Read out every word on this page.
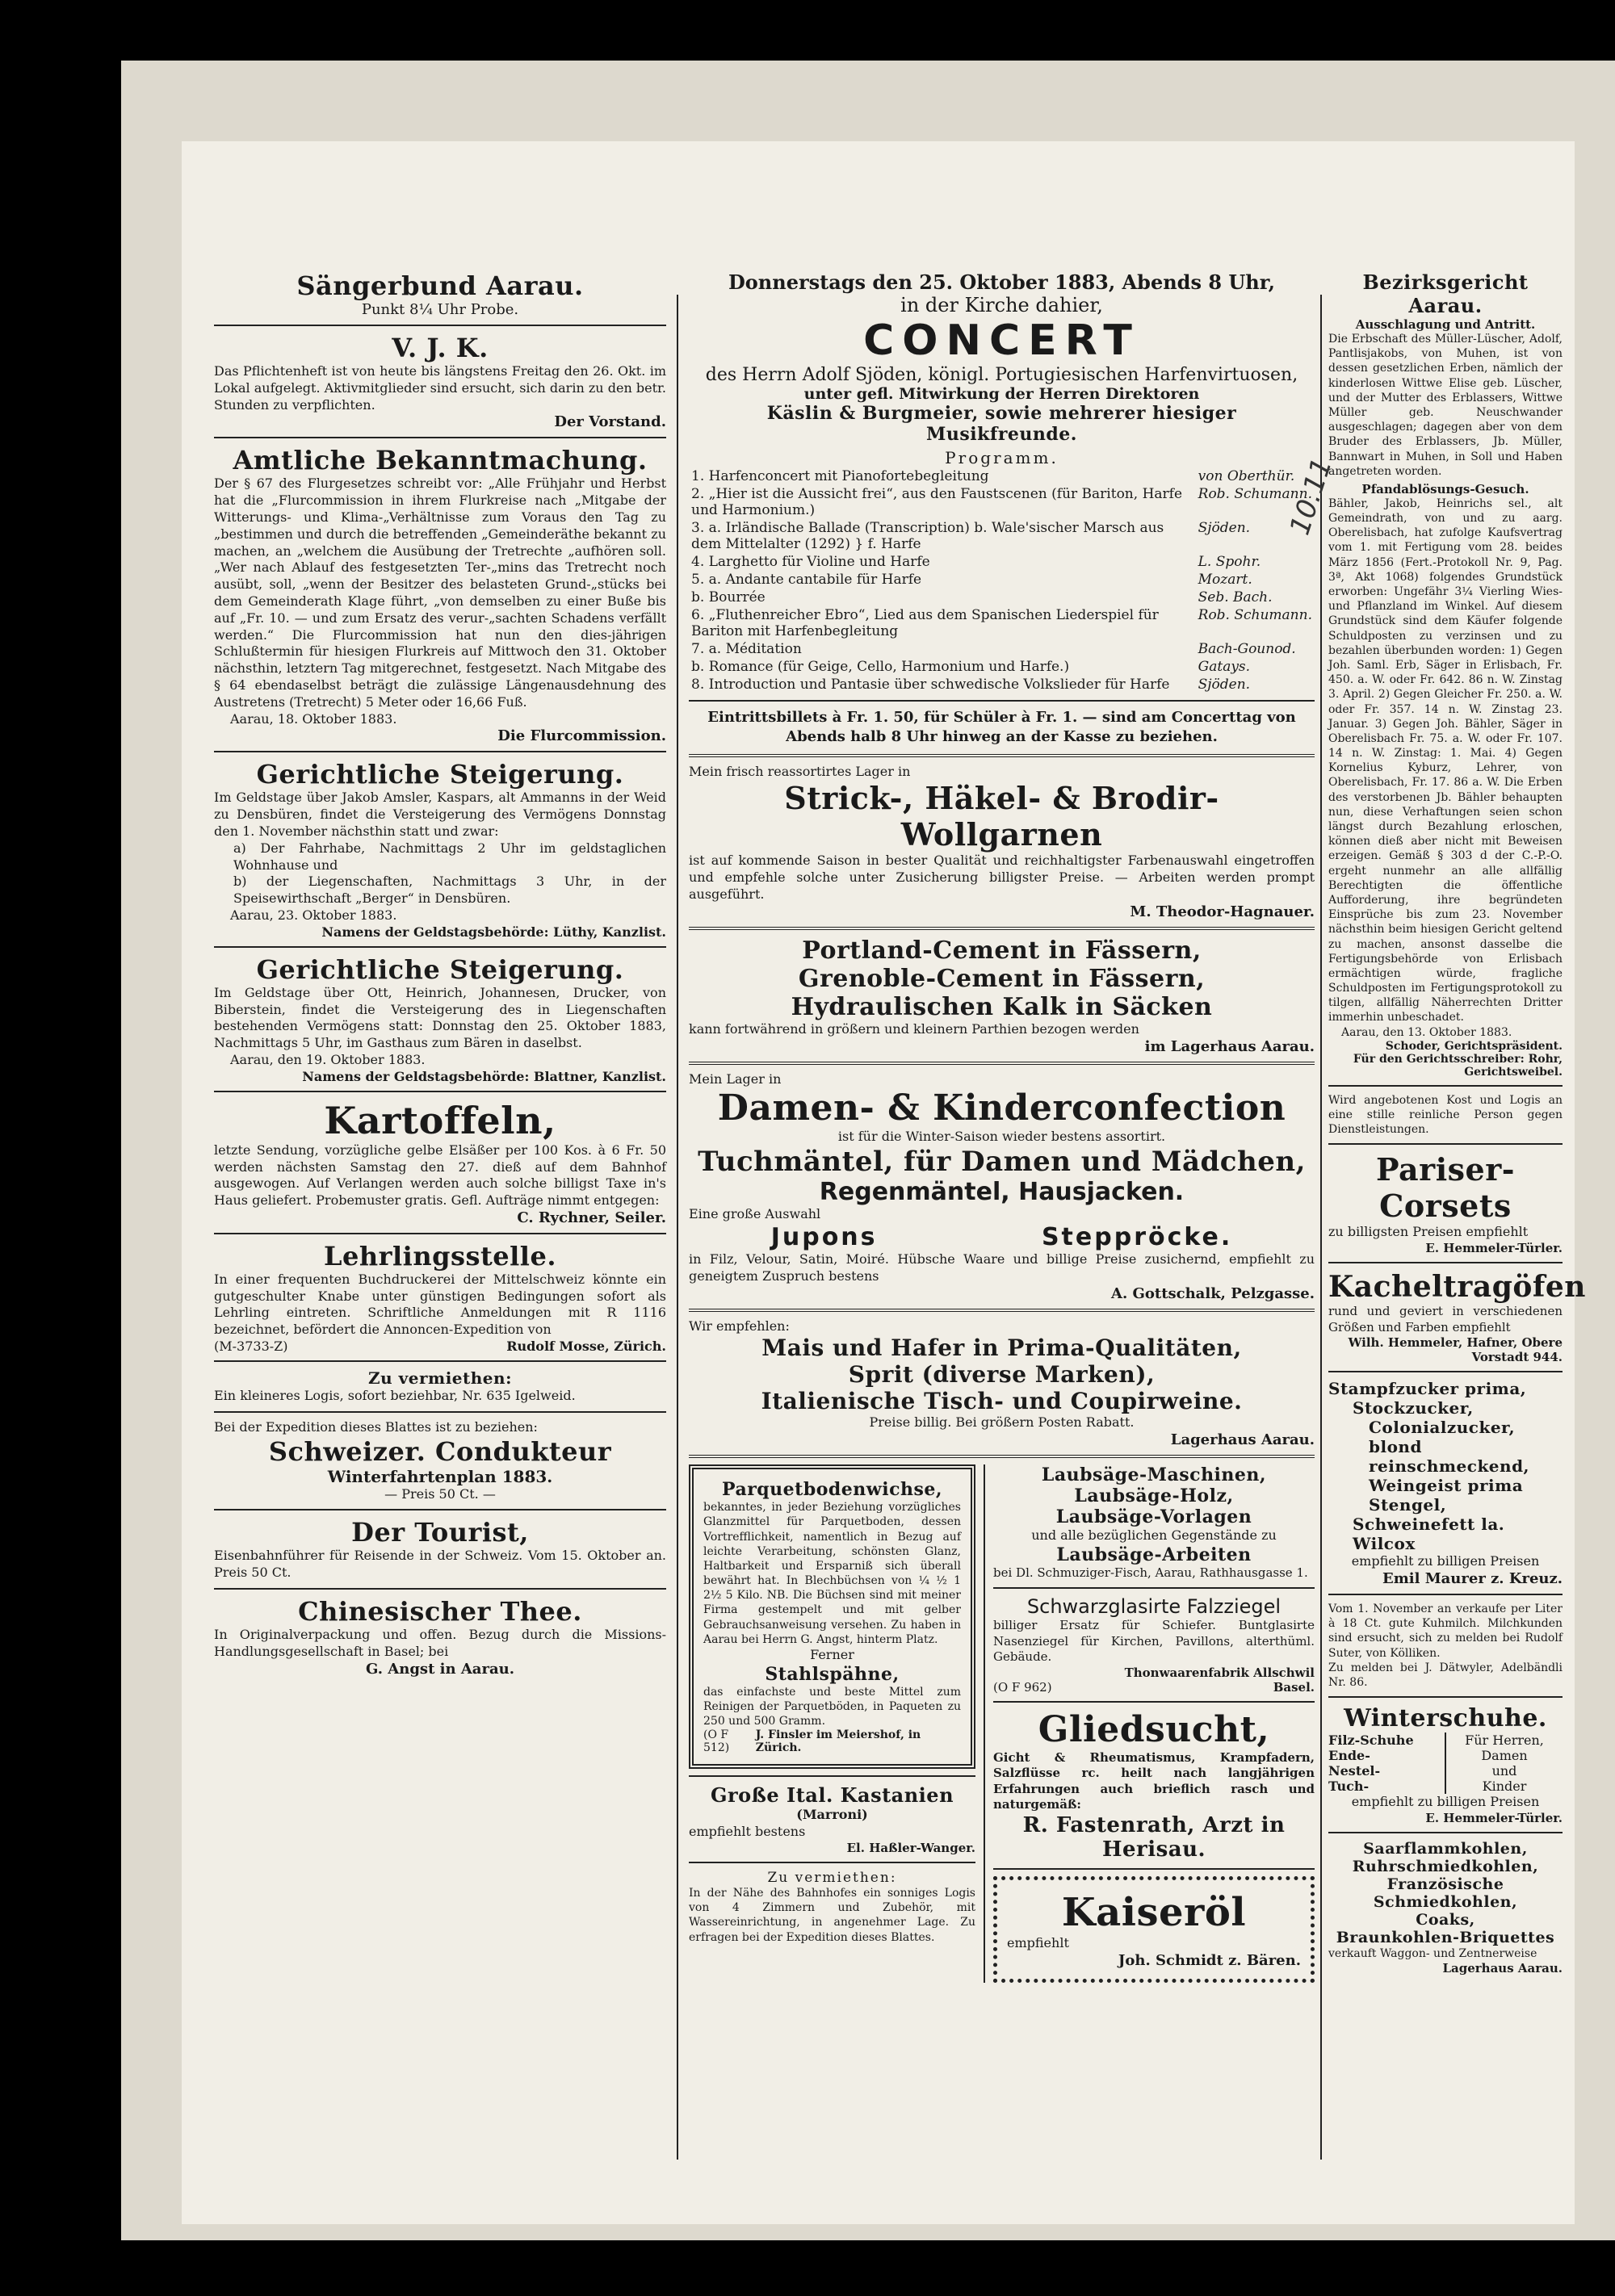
10.11
Sängerbund Aarau.
Punkt 8¼ Uhr Probe.
V. J. K.

Das Pflichtenheft ist von heute bis längstens Freitag den 26. Okt. im Lokal aufgelegt. Aktivmitglieder sind ersucht, sich darin zu den betr. Stunden zu verpflichten.

Der Vorstand.
Amtliche Bekanntmachung.

Der § 67 des Flurgesetzes schreibt vor: „Alle Frühjahr und Herbst hat die „Flurcommission in ihrem Flurkreise nach „Mitgabe der Witterungs- und Klima-„Verhältnisse zum Voraus den Tag zu „bestimmen und durch die betreffenden „Gemeinderäthe bekannt zu machen, an „welchem die Ausübung der Tretrechte „aufhören soll. „Wer nach Ablauf des festgesetzten Ter-„mins das Tretrecht noch ausübt, soll, „wenn der Besitzer des belasteten Grund-„stücks bei dem Gemeinderath Klage führt, „von demselben zu einer Buße bis auf „Fr. 10. — und zum Ersatz des verur-„sachten Schadens verfällt werden.“ Die Flurcommission hat nun den dies-jährigen Schlußtermin für hiesigen Flurkreis auf Mittwoch den 31. Oktober nächsthin, letztern Tag mitgerechnet, festgesetzt. Nach Mitgabe des § 64 ebendaselbst beträgt die zulässige Längenausdehnung des Austretens (Tretrecht) 5 Meter oder 16,66 Fuß.

Aarau, 18. Oktober 1883.

Die Flurcommission.
Gerichtliche Steigerung.

Im Geldstage über Jakob Amsler, Kaspars, alt Ammanns in der Weid zu Densbüren, findet die Versteigerung des Vermögens Donnstag den 1. November nächsthin statt und zwar:

a) Der Fahrhabe, Nachmittags 2 Uhr im geldstaglichen Wohnhause und

b) der Liegenschaften, Nachmittags 3 Uhr, in der Speisewirthschaft „Berger“ in Densbüren.

Aarau, 23. Oktober 1883.

Namens der Geldstagsbehörde: Lüthy, Kanzlist.
Gerichtliche Steigerung.

Im Geldstage über Ott, Heinrich, Johannesen, Drucker, von Biberstein, findet die Versteigerung des in Liegenschaften bestehenden Vermögens statt: Donnstag den 25. Oktober 1883, Nachmittags 5 Uhr, im Gasthaus zum Bären in daselbst.

Aarau, den 19. Oktober 1883.

Namens der Geldstagsbehörde: Blattner, Kanzlist.
Kartoffeln,

letzte Sendung, vorzügliche gelbe Elsäßer per 100 Kos. à 6 Fr. 50 werden nächsten Samstag den 27. dieß auf dem Bahnhof ausgewogen. Auf Verlangen werden auch solche billigst Taxe in's Haus geliefert. Probemuster gratis. Gefl. Aufträge nimmt entgegen:

C. Rychner, Seiler.
Lehrlingsstelle.

In einer frequenten Buchdruckerei der Mittelschweiz könnte ein gutgeschulter Knabe unter günstigen Bedingungen sofort als Lehrling eintreten. Schriftliche Anmeldungen mit R 1116 bezeichnet, befördert die Annoncen-Expedition von

(M-3733-Z)	Rudolf Mosse, Zürich.
Zu vermiethen:

Ein kleineres Logis, sofort beziehbar, Nr. 635 Igelweid.

Bei der Expedition dieses Blattes ist zu beziehen:

Schweizer. Condukteur
Winterfahrtenplan 1883.
— Preis 50 Ct. —
Der Tourist,

Eisenbahnführer für Reisende in der Schweiz. Vom 15. Oktober an. Preis 50 Ct.

Chinesischer Thee.

In Originalverpackung und offen. Bezug durch die Missions-Handlungsgesellschaft in Basel; bei

G. Angst in Aarau.
Donnerstags den 25. Oktober 1883, Abends 8 Uhr,
in der Kirche dahier,
CONCERT
des Herrn Adolf Sjöden, königl. Portugiesischen Harfenvirtuosen,
unter gefl. Mitwirkung der Herren Direktoren
Käslin & Burgmeier, sowie mehrerer hiesiger Musikfreunde.
Programm.
1. Harfenconcert mit Pianofortebegleitung	von Oberthür.
2. „Hier ist die Aussicht frei“, aus den Faustscenen (für Bariton, Harfe und Harmonium.)	Rob. Schumann.
3. a. Irländische Ballade (Transcription) b. Wale'sischer Marsch aus dem Mittelalter (1292) } f. Harfe	Sjöden.
4. Larghetto für Violine und Harfe	L. Spohr.
5. a. Andante cantabile für Harfe	Mozart.
b. Bourrée	Seb. Bach.
6. „Fluthenreicher Ebro“, Lied aus dem Spanischen Liederspiel für Bariton mit Harfenbegleitung	Rob. Schumann.
7. a. Méditation	Bach-Gounod.
b. Romance (für Geige, Cello, Harmonium und Harfe.)	Gatays.
8. Introduction und Pantasie über schwedische Volkslieder für Harfe	Sjöden.

Eintrittsbillets à Fr. 1. 50, für Schüler à Fr. 1. — sind am Concerttag von Abends halb 8 Uhr hinweg an der Kasse zu beziehen.

Mein frisch reassortirtes Lager in

Strick-, Häkel- & Brodir-Wollgarnen

ist auf kommende Saison in bester Qualität und reichhaltigster Farbenauswahl eingetroffen und empfehle solche unter Zusicherung billigster Preise. — Arbeiten werden prompt ausgeführt.

M. Theodor-Hagnauer.
Portland-Cement in Fässern,
Grenoble-Cement in Fässern,
Hydraulischen Kalk in Säcken

kann fortwährend in größern und kleinern Parthien bezogen werden

im Lagerhaus Aarau.

Mein Lager in

Damen- & Kinderconfection
ist für die Winter-Saison wieder bestens assortirt.
Tuchmäntel, für Damen und Mädchen,
Regenmäntel, Hausjacken.

Eine große Auswahl

Jupons	Steppröcke.

in Filz, Velour, Satin, Moiré. Hübsche Waare und billige Preise zusichernd, empfiehlt zu geneigtem Zuspruch bestens

A. Gottschalk, Pelzgasse.

Wir empfehlen:

Mais und Hafer in Prima-Qualitäten,
Sprit (diverse Marken),
Italienische Tisch- und Coupirweine.

Preise billig. Bei größern Posten Rabatt.

Lagerhaus Aarau.
Parquetbodenwichse,

bekanntes, in jeder Beziehung vorzügliches Glanzmittel für Parquetboden, dessen Vortrefflichkeit, namentlich in Bezug auf leichte Verarbeitung, schönsten Glanz, Haltbarkeit und Ersparniß sich überall bewährt hat. In Blechbüchsen von ¼ ½ 1 2½ 5 Kilo. NB. Die Büchsen sind mit meiner Firma gestempelt und mit gelber Gebrauchsanweisung versehen. Zu haben in Aarau bei Herrn G. Angst, hinterm Platz.

Ferner
Stahlspähne,

das einfachste und beste Mittel zum Reinigen der Parquetböden, in Paqueten zu 250 und 500 Gramm.

(O F 512)
J. Finsler im Meiershof, in Zürich.
Große Ital. Kastanien
(Marroni)

empfiehlt bestens

El. Haßler-Wanger.
Zu vermiethen:

In der Nähe des Bahnhofes ein sonniges Logis von 4 Zimmern und Zubehör, mit Wassereinrichtung, in angenehmer Lage. Zu erfragen bei der Expedition dieses Blattes.

Laubsäge-Maschinen,
Laubsäge-Holz,
Laubsäge-Vorlagen
und alle bezüglichen Gegenstände zu
Laubsäge-Arbeiten

bei Dl. Schmuziger-Fisch, Aarau, Rathhausgasse 1.

Schwarzglasirte Falzziegel

billiger Ersatz für Schiefer. Buntglasirte Nasenziegel für Kirchen, Pavillons, alterthüml. Gebäude.

Thonwaarenfabrik Allschwil
(O F 962)	Basel.
Gliedsucht,

Gicht & Rheumatismus, Krampfadern, Salzflüsse rc. heilt nach langjährigen Erfahrungen auch brieflich rasch und naturgemäß:

R. Fastenrath, Arzt in Herisau.
Kaiseröl

empfiehlt

Joh. Schmidt z. Bären.
Bezirksgericht Aarau.
Ausschlagung und Antritt.

Die Erbschaft des Müller-Lüscher, Adolf, Pantlisjakobs, von Muhen, ist von dessen gesetzlichen Erben, nämlich der kinderlosen Wittwe Elise geb. Lüscher, und der Mutter des Erblassers, Wittwe Müller geb. Neuschwander ausgeschlagen; dagegen aber von dem Bruder des Erblassers, Jb. Müller, Bannwart in Muhen, in Soll und Haben angetreten worden.

Pfandablösungs-Gesuch.

Bähler, Jakob, Heinrichs sel., alt Gemeindrath, von und zu aarg. Oberelisbach, hat zufolge Kaufsvertrag vom 1. mit Fertigung vom 28. beides März 1856 (Fert.-Protokoll Nr. 9, Pag. 3ª, Akt 1068) folgendes Grundstück erworben: Ungefähr 3¼ Vierling Wies- und Pflanzland im Winkel. Auf diesem Grundstück sind dem Käufer folgende Schuldposten zu verzinsen und zu bezahlen überbunden worden: 1) Gegen Joh. Saml. Erb, Säger in Erlisbach, Fr. 450. a. W. oder Fr. 642. 86 n. W. Zinstag 3. April. 2) Gegen Gleicher Fr. 250. a. W. oder Fr. 357. 14 n. W. Zinstag 23. Januar. 3) Gegen Joh. Bähler, Säger in Oberelisbach Fr. 75. a. W. oder Fr. 107. 14 n. W. Zinstag: 1. Mai. 4) Gegen Kornelius Kyburz, Lehrer, von Oberelisbach, Fr. 17. 86 a. W. Die Erben des verstorbenen Jb. Bähler behaupten nun, diese Verhaftungen seien schon längst durch Bezahlung erloschen, können dieß aber nicht mit Beweisen erzeigen. Gemäß § 303 d der C.-P.-O. ergeht nunmehr an alle allfällig Berechtigten die öffentliche Aufforderung, ihre begründeten Einsprüche bis zum 23. November nächsthin beim hiesigen Gericht geltend zu machen, ansonst dasselbe die Fertigungsbehörde von Erlisbach ermächtigen würde, fragliche Schuldposten im Fertigungsprotokoll zu tilgen, allfällig Näherrechten Dritter immerhin unbeschadet.

Aarau, den 13. Oktober 1883.

Schoder, Gerichtspräsident.
Für den Gerichtsschreiber: Rohr, Gerichtsweibel.

Wird angebotenen Kost und Logis an eine stille reinliche Person gegen Dienstleistungen.

Pariser-Corsets

zu billigsten Preisen empfiehlt

E. Hemmeler-Türler.
Kacheltragöfen

rund und geviert in verschiedenen Größen und Farben empfiehlt

Wilh. Hemmeler, Hafner, Obere Vorstadt 944.
Stampfzucker prima,
Stockzucker,
Colonialzucker, blond reinschmeckend,
Weingeist prima Stengel,
Schweinefett la. Wilcox

empfiehlt zu billigen Preisen

Emil Maurer z. Kreuz.

Vom 1. November an verkaufe per Liter à 18 Ct. gute Kuhmilch. Milchkunden sind ersucht, sich zu melden bei Rudolf Suter, von Kölliken.

Zu melden bei J. Dätwyler, Adelbändli Nr. 86.

Winterschuhe.
Filz-Schuhe
Ende-
Nestel-
Tuch-
Für Herren,
Damen
und
Kinder

empfiehlt zu billigen Preisen

E. Hemmeler-Türler.
Saarflammkohlen,
Ruhrschmiedkohlen,
Französische Schmiedkohlen,
Coaks,
Braunkohlen-Briquettes

verkauft Waggon- und Zentnerweise

Lagerhaus Aarau.
